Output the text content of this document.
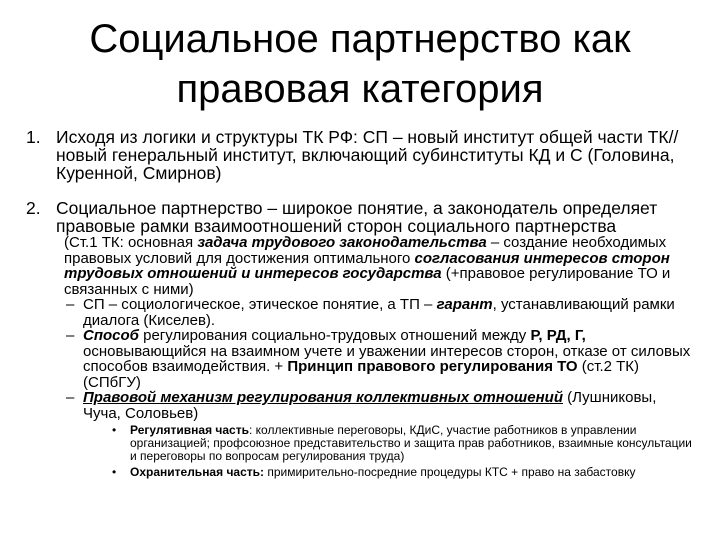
Социальное партнерство как
правовая категория
1. Исходя из логики и структуры ТК РФ: СП – новый институт общей части ТК// новый генеральный институт, включающий субинституты КД и С (Головина, Куренной, Смирнов)
2. Социальное партнерство – широкое понятие, а законодатель определяет правовые рамки взаимоотношений сторон социального партнерства
(Ст.1 ТК: основная задача трудового законодательства – создание необходимых правовых условий для достижения оптимального согласования интересов сторон трудовых отношений и интересов государства (+правовое регулирование ТО и связанных с ними)
– СП – социологическое, этическое понятие, а ТП – гарант, устанавливающий рамки диалога (Киселев).
– Способ регулирования социально-трудовых отношений между Р, РД, Г, основывающийся на взаимном учете и уважении интересов сторон, отказе от силовых способов взаимодействия. + Принцип правового регулирования ТО (ст.2 ТК) (СПбГУ)
– Правовой механизм регулирования коллективных отношений (Лушниковы, Чуча, Соловьев)
• Регулятивная часть: коллективные переговоры, КДиС, участие работников в управлении организацией; профсоюзное представительство и защита прав работников, взаимные консультации и переговоры по вопросам регулирования труда)
• Охранительная часть: примирительно-посредние процедуры КТС + право на забастовку
